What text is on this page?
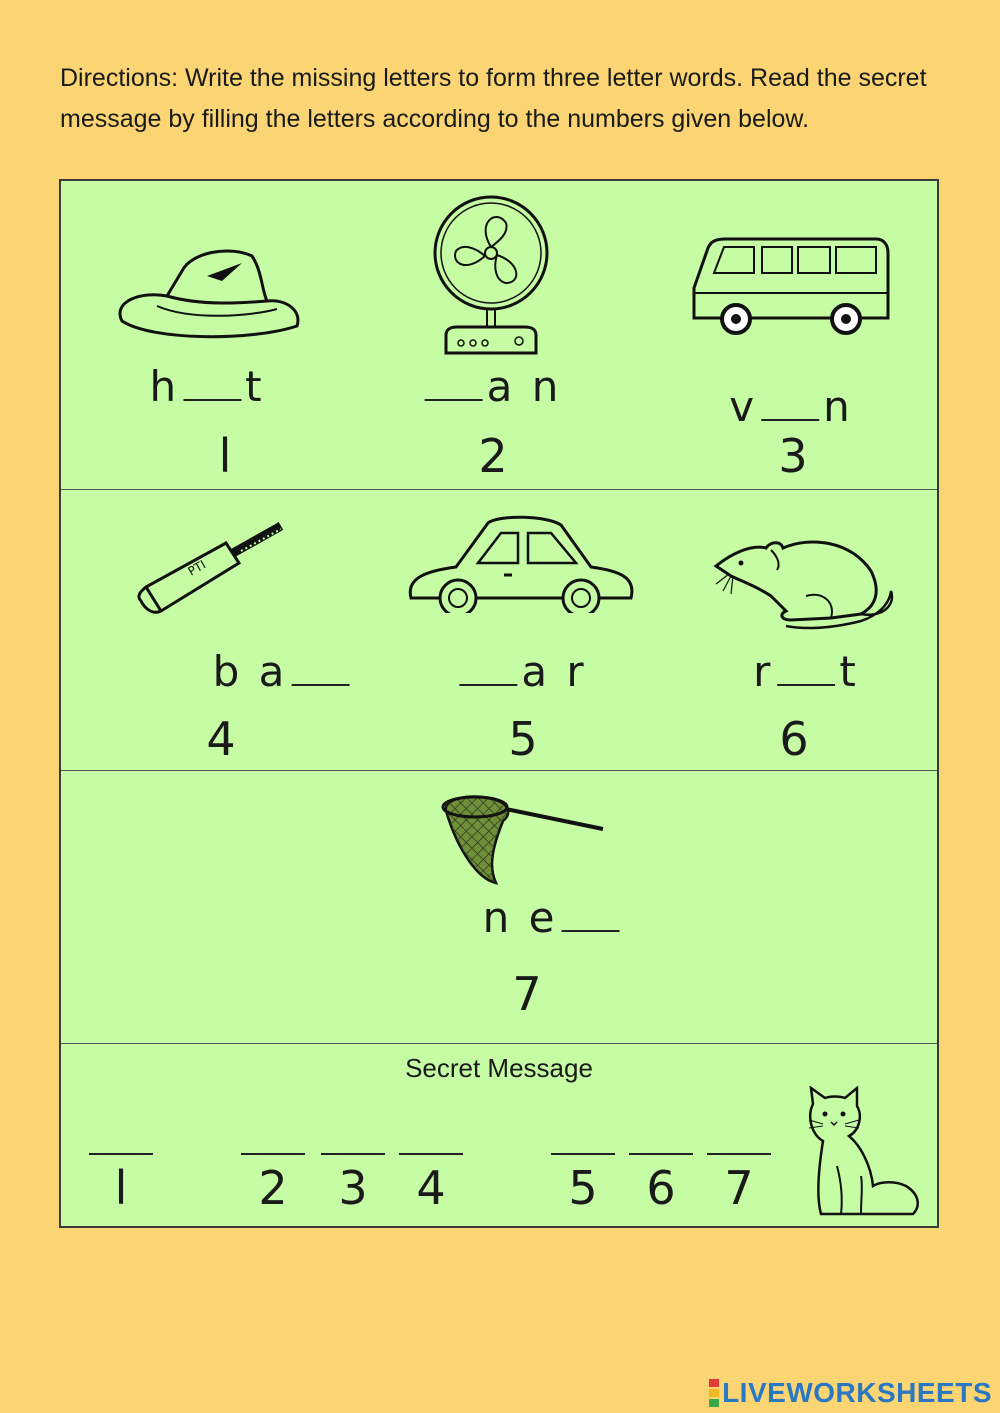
Directions: Write the missing letters to form three letter words. Read the secret message by filling the letters according to the numbers given below.
h t
l
a n
2
v n
3
PTI
b a
4
a r
5
r t
6
n e
7
Secret Message
l	2	3	4	5	6	7
LIVEWORKSHEETS
